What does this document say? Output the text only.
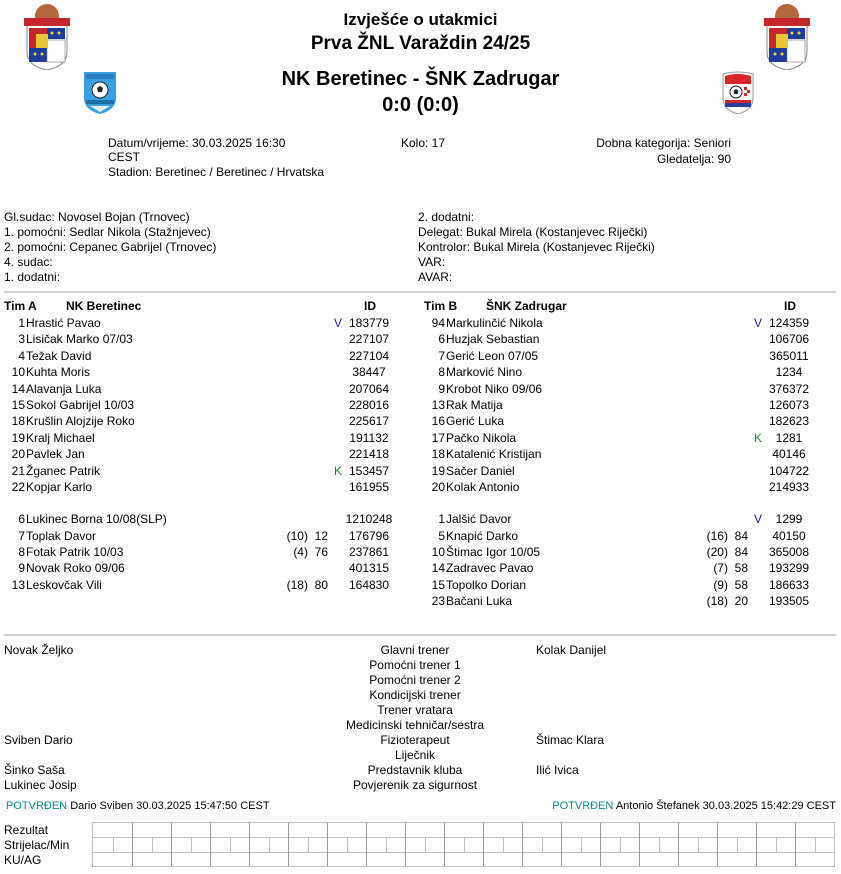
Izvješće o utakmici
Prva ŽNL Varaždin 24/25
NK Beretinec - ŠNK Zadrugar
0:0 (0:0)
Datum/vrijeme: 30.03.2025 16:30
CEST
Stadion: Beretinec / Beretinec / Hrvatska
Kolo: 17	Dobna kategorija: Seniori
Gledatelja: 90
Gl.sudac: Novosel Bojan (Trnovec)
1. pomoćni: Sedlar Nikola (Stažnjevec)
2. pomoćni: Cepanec Gabrijel (Trnovec)
4. sudac:
1. dodatni:
2. dodatni:
Delegat: Bukal Mirela (Kostanjevec Riječki)
Kontrolor: Bukal Mirela (Kostanjevec Riječki)
VAR:
AVAR:
Tim A NK Beretinec	ID
1 Hrastić Pavao	V 183779
3 Lisičak Marko 07/03	227107
4 Težak David	227104
10 Kuhta Moris	38447
14 Alavanja Luka	207064
15 Sokol Gabrijel 10/03	228016
18 Krušlin Alojzije Roko	225617
19 Kralj Michael	191132
20 Pavlek Jan	221418
21 Žganec Patrik	K 153457
22 Kopjar Karlo	161955
6 Lukinec Borna 10/08(SLP)	1210248
7 Toplak Davor	(10)  12	176796
8 Fotak Patrik 10/03	(4)  76	237861
9 Novak Roko 09/06	401315
13 Leskovčak Vili	(18)  80	164830
Tim B ŠNK Zadrugar	ID
94 Markulinčić Nikola	V 124359
6 Huzjak Sebastian	106706
7 Gerić Leon 07/05	365011
8 Marković Nino	1234
9 Krobot Niko 09/06	376372
13 Rak Matija	126073
16 Gerić Luka	182623
17 Pačko Nikola	K	1281
18 Katalenić Kristijan	40146
19 Sačer Daniel	104722
20 Kolak Antonio	214933
1 Jalšić Davor	V	1299
5 Knapić Darko	(16)  84	40150
10 Štimac Igor 10/05	(20)  84	365008
14 Zadravec Pavao	(7)  58	193299
15 Topolko Dorian	(9)  58	186633
23 Bačani Luka	(18)  20	193505
Novak Željko	Glavni trener	Kolak Danijel
Pomoćni trener 1
Pomoćni trener 2
Kondicijski trener
Trener vratara
Medicinski tehničar/sestra
Sviben Dario	Fizioterapeut	Štimac Klara
Liječnik
Šinko Saša	Predstavnik kluba	Ilić Ivica
Lukinec Josip	Povjerenik za sigurnost
POTVRĐEN Dario Sviben 30.03.2025 15:47:50 CEST	POTVRĐEN Antonio Štefanek 30.03.2025 15:42:29 CEST
Rezultat
Strijelac/Min
KU/AG
